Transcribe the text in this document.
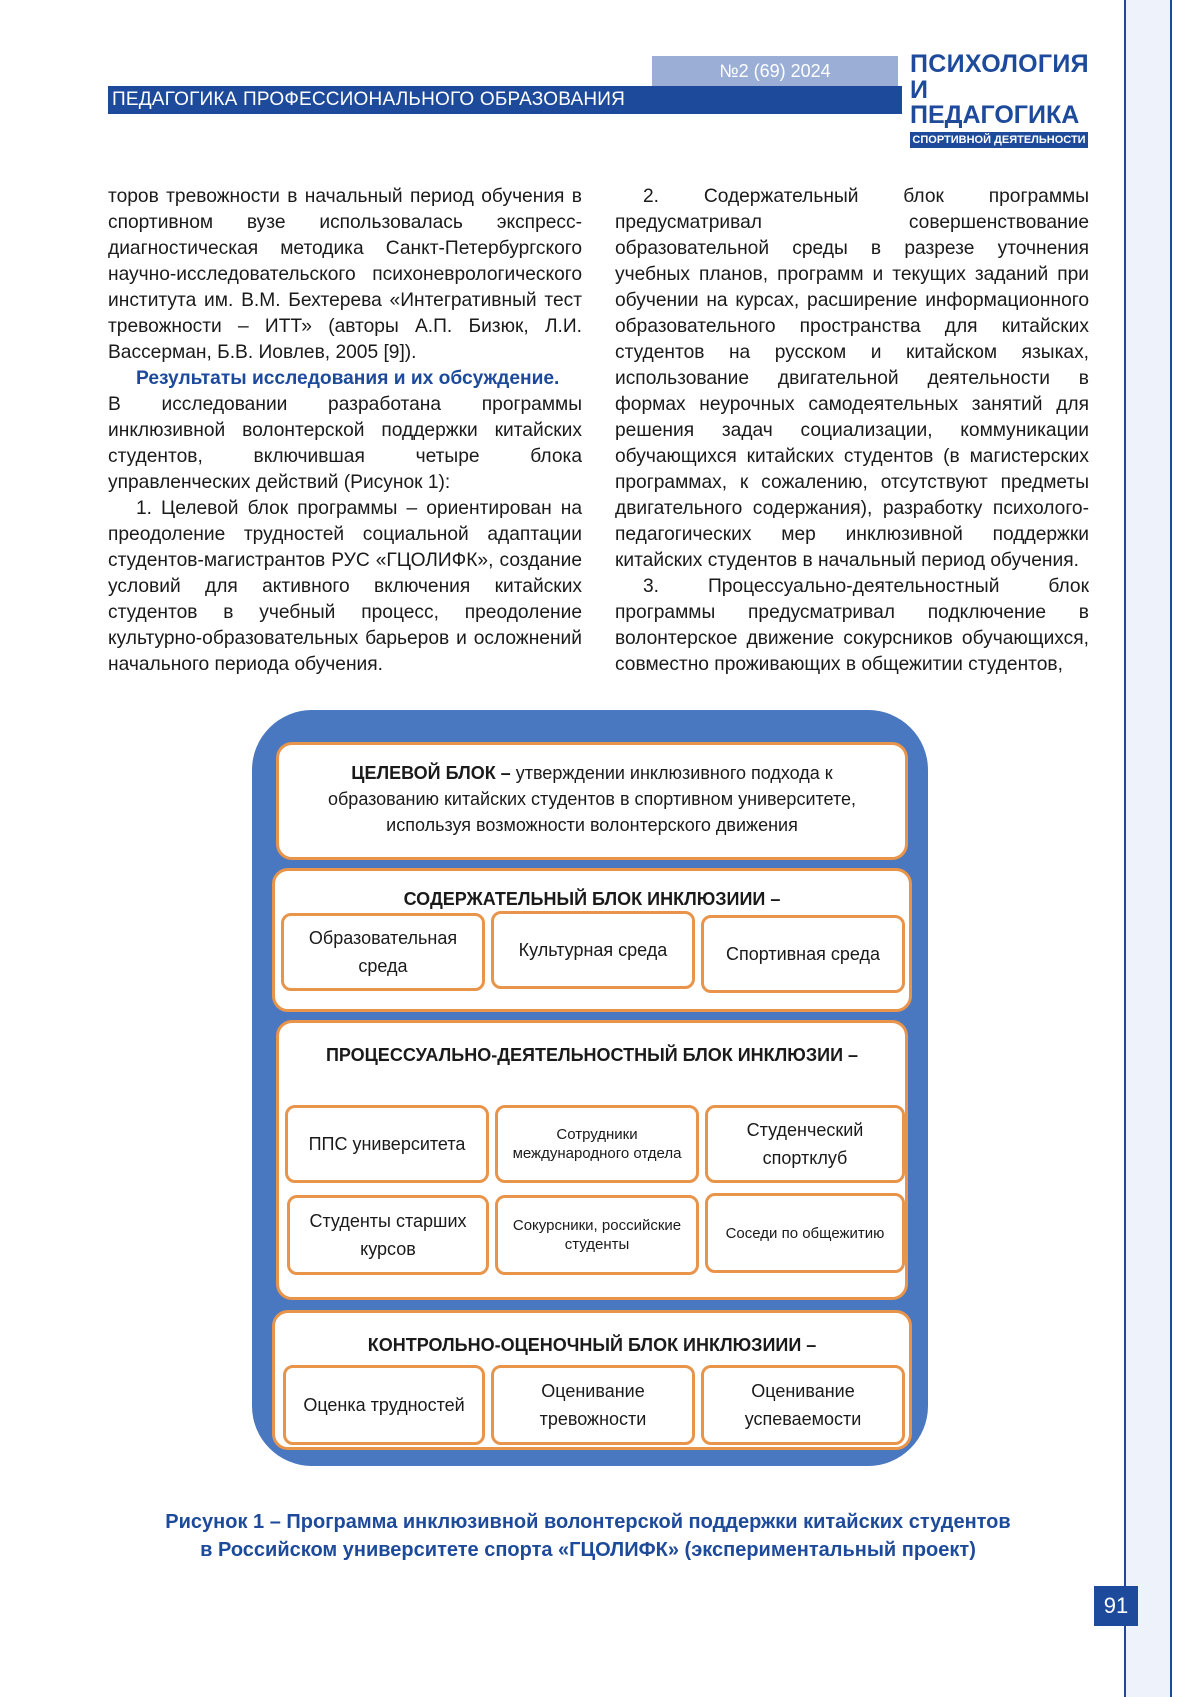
№2 (69) 2024
ПЕДАГОГИКА ПРОФЕССИОНАЛЬНОГО ОБРАЗОВАНИЯ
ПСИХОЛОГИЯ
И ПЕДАГОГИКА
СПОРТИВНОЙ ДЕЯТЕЛЬНОСТИ

торов тревожности в начальный период обучения в спортивном вузе использовалась экспресс-диагностическая методика Санкт-Петербургского научно-исследовательского психоневрологического института им. В.М. Бехтерева «Интегративный тест тревожности – ИТТ» (авторы А.П. Бизюк, Л.И. Вассерман, Б.В. Иовлев, 2005 [9]).

Результаты исследования и их обсуждение.

В исследовании разработана программы инклюзивной волонтерской поддержки китайских студентов, включившая четыре блока управленческих действий (Рисунок 1):

1. Целевой блок программы – ориентирован на преодоление трудностей социальной адаптации студентов-магистрантов РУС «ГЦОЛИФК», создание условий для активного включения китайских студентов в учебный процесс, преодоление культурно-образовательных барьеров и осложнений начального периода обучения.

2. Содержательный блок программы предусматривал совершенствование образовательной среды в разрезе уточнения учебных планов, программ и текущих заданий при обучении на курсах, расширение информационного образовательного пространства для китайских студентов на русском и китайском языках, использование двигательной деятельности в формах неурочных самодеятельных занятий для решения задач социализации, коммуникации обучающихся китайских студентов (в магистерских программах, к сожалению, отсутствуют предметы двигательного содержания), разработку психолого-педагогических мер инклюзивной поддержки китайских студентов в начальный период обучения.

3. Процессуально-деятельностный блок программы предусматривал подключение в волонтерское движение сокурсников обучающихся, совместно проживающих в общежитии студентов,

ЦЕЛЕВОЙ БЛОК – утверждении инклюзивного подхода к
образованию китайских студентов в спортивном университете,
используя возможности волонтерского движения
СОДЕРЖАТЕЛЬНЫЙ БЛОК ИНКЛЮЗИИИ –
Образовательная среда
Культурная среда	Спортивная среда
ПРОЦЕССУАЛЬНО-ДЕЯТЕЛЬНОСТНЫЙ БЛОК ИНКЛЮЗИИ –
ППС университета	Сотрудники международного отдела
Студенческий спортклуб
Студенты старших курсов
Сокурсники, российские студенты
Соседи по общежитию
КОНТРОЛЬНО-ОЦЕНОЧНЫЙ БЛОК ИНКЛЮЗИИИ –
Оценка трудностей
Оценивание тревожности
Оценивание успеваемости
Рисунок 1 – Программа инклюзивной волонтерской поддержки китайских студентов
в Российском университете спорта «ГЦОЛИФК» (экспериментальный проект)
91
